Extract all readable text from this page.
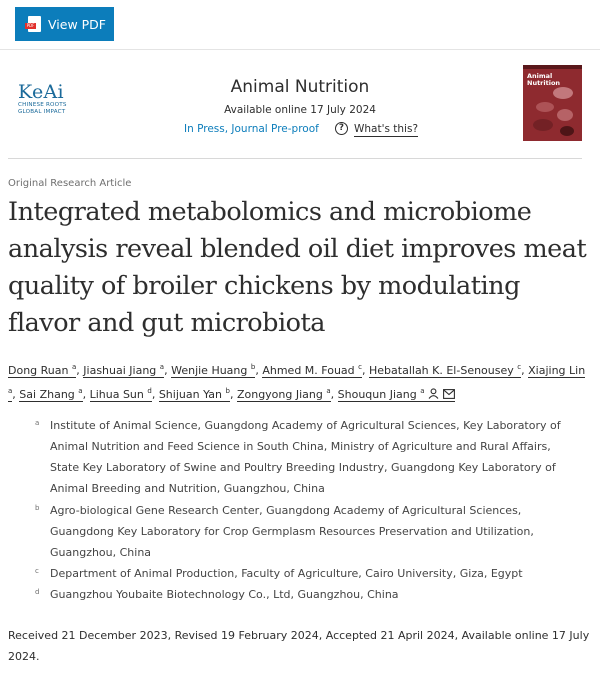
PDF View PDF
KeAi
CHINESE ROOTS
GLOBAL IMPACT
Animal Nutrition
Available online 17 July 2024
In Press, Journal Pre-proof	? What's this?
Animal
Nutrition
Original Research Article
Integrated metabolomics and microbiome analysis reveal blended oil diet improves meat quality of broiler chickens by modulating flavor and gut microbiota
Dong Ruan $^a$, Jiashuai Jiang $^a$, Wenjie Huang $^b$, Ahmed M. Fouad $^c$, Hebatallah K. El-Senousey $^c$, Xiajing Lin $^a$, Sai Zhang $^a$, Lihua Sun $^d$, Shijuan Yan $^b$, Zongyong Jiang $^a$, Shouqun Jiang $^a$
a Institute of Animal Science, Guangdong Academy of Agricultural Sciences, Key Laboratory of Animal Nutrition and Feed Science in South China, Ministry of Agriculture and Rural Affairs, State Key Laboratory of Swine and Poultry Breeding Industry, Guangdong Key Laboratory of Animal Breeding and Nutrition, Guangzhou, China
b Agro-biological Gene Research Center, Guangdong Academy of Agricultural Sciences, Guangdong Key Laboratory for Crop Germplasm Resources Preservation and Utilization, Guangzhou, China
c Department of Animal Production, Faculty of Agriculture, Cairo University, Giza, Egypt
d Guangzhou Youbaite Biotechnology Co., Ltd, Guangzhou, China
Received 21 December 2023, Revised 19 February 2024, Accepted 21 April 2024, Available online 17 July 2024.
